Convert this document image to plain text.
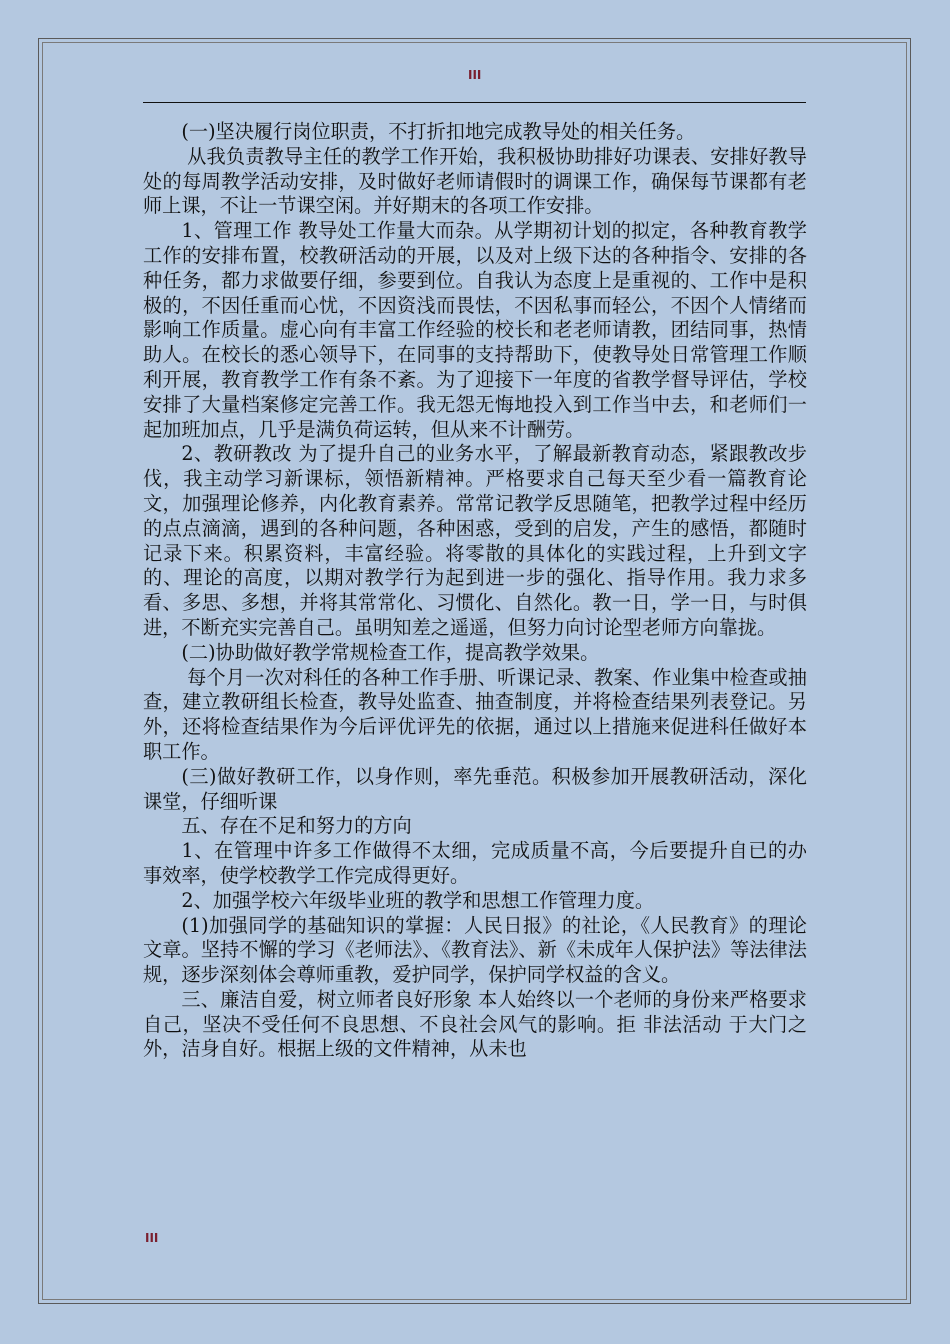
III

(一)坚决履行岗位职责，不打折扣地完成教导处的相关任务。

从我负责教导主任的教学工作开始，我积极协助排好功课表、安排好教导处的每周教学活动安排，及时做好老师请假时的调课工作，确保每节课都有老师上课，不让一节课空闲。并好期末的各项工作安排。

1、管理工作 教导处工作量大而杂。从学期初计划的拟定，各种教育教学工作的安排布置，校教研活动的开展，以及对上级下达的各种指令、安排的各种任务，都力求做要仔细，参要到位。自我认为态度上是重视的、工作中是积极的，不因任重而心忧，不因资浅而畏怯，不因私事而轻公，不因个人情绪而影响工作质量。虚心向有丰富工作经验的校长和老老师请教，团结同事，热情助人。在校长的悉心领导下，在同事的支持帮助下，使教导处日常管理工作顺利开展，教育教学工作有条不紊。为了迎接下一年度的省教学督导评估，学校安排了大量档案修定完善工作。我无怨无悔地投入到工作当中去，和老师们一起加班加点，几乎是满负荷运转，但从来不计酬劳。

2、教研教改 为了提升自己的业务水平，了解最新教育动态，紧跟教改步伐，我主动学习新课标，领悟新精神。严格要求自己每天至少看一篇教育论文，加强理论修养，内化教育素养。常常记教学反思随笔，把教学过程中经历的点点滴滴，遇到的各种问题，各种困惑，受到的启发，产生的感悟，都随时记录下来。积累资料，丰富经验。将零散的具体化的实践过程，上升到文字的、理论的高度，以期对教学行为起到进一步的强化、指导作用。我力求多看、多思、多想，并将其常常化、习惯化、自然化。教一日，学一日，与时俱进，不断充实完善自己。虽明知差之遥遥，但努力向讨论型老师方向靠拢。

(二)协助做好教学常规检查工作，提高教学效果。

每个月一次对科任的各种工作手册、听课记录、教案、作业集中检查或抽查，建立教研组长检查，教导处监查、抽查制度，并将检查结果列表登记。另外，还将检查结果作为今后评优评先的依据，通过以上措施来促进科任做好本职工作。

(三)做好教研工作，以身作则，率先垂范。积极参加开展教研活动，深化课堂，仔细听课

五、存在不足和努力的方向

1、在管理中许多工作做得不太细，完成质量不高，今后要提升自已的办事效率，使学校教学工作完成得更好。

2、加强学校六年级毕业班的教学和思想工作管理力度。

(1)加强同学的基础知识的掌握：人民日报》的社论，《人民教育》的理论文章。坚持不懈的学习《老师法》、《教育法》、新《未成年人保护法》等法律法规，逐步深刻体会尊师重教，爱护同学，保护同学权益的含义。

三、廉洁自爱，树立师者良好形象 本人始终以一个老师的身份来严格要求自己，坚决不受任何不良思想、不良社会风气的影响。拒 非法活动 于大门之外，洁身自好。根据上级的文件精神，从未也

III
